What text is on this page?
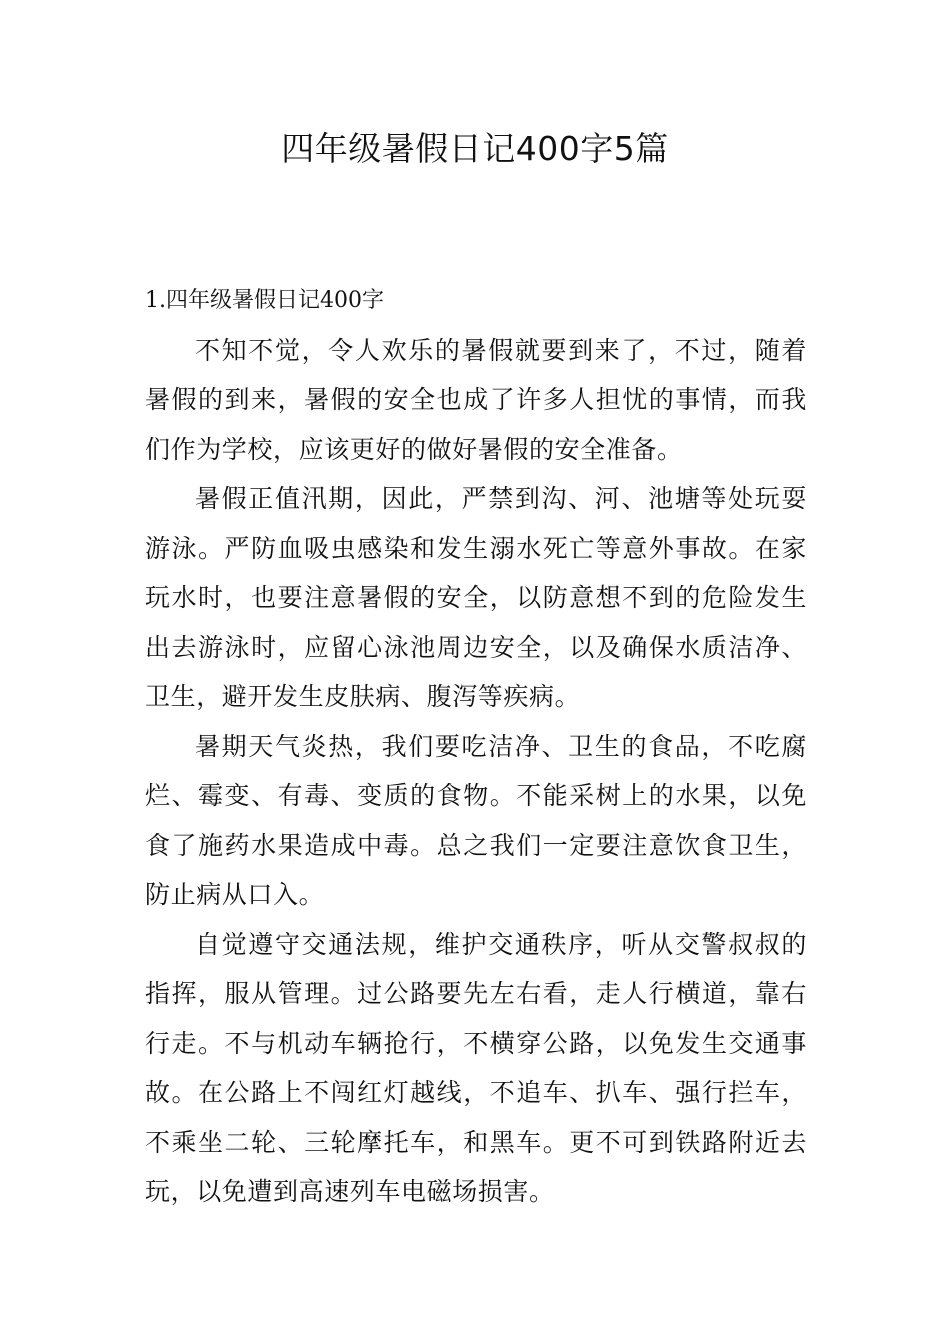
四年级暑假日记400字5篇

1.四年级暑假日记400字

不知不觉，令人欢乐的暑假就要到来了，不过，随着暑假的到来，暑假的安全也成了许多人担忧的事情，而我们作为学校，应该更好的做好暑假的安全准备。

暑假正值汛期，因此，严禁到沟、河、池塘等处玩耍游泳。严防血吸虫感染和发生溺水死亡等意外事故。在家玩水时，也要注意暑假的安全，以防意想不到的危险发生出去游泳时，应留心泳池周边安全，以及确保水质洁净、卫生，避开发生皮肤病、腹泻等疾病。

暑期天气炎热，我们要吃洁净、卫生的食品，不吃腐烂、霉变、有毒、变质的食物。不能采树上的水果，以免食了施药水果造成中毒。总之我们一定要注意饮食卫生，防止病从口入。

自觉遵守交通法规，维护交通秩序，听从交警叔叔的指挥，服从管理。过公路要先左右看，走人行横道，靠右行走。不与机动车辆抢行，不横穿公路，以免发生交通事故。在公路上不闯红灯越线，不追车、扒车、强行拦车，不乘坐二轮、三轮摩托车，和黑车。更不可到铁路附近去玩，以免遭到高速列车电磁场损害。
